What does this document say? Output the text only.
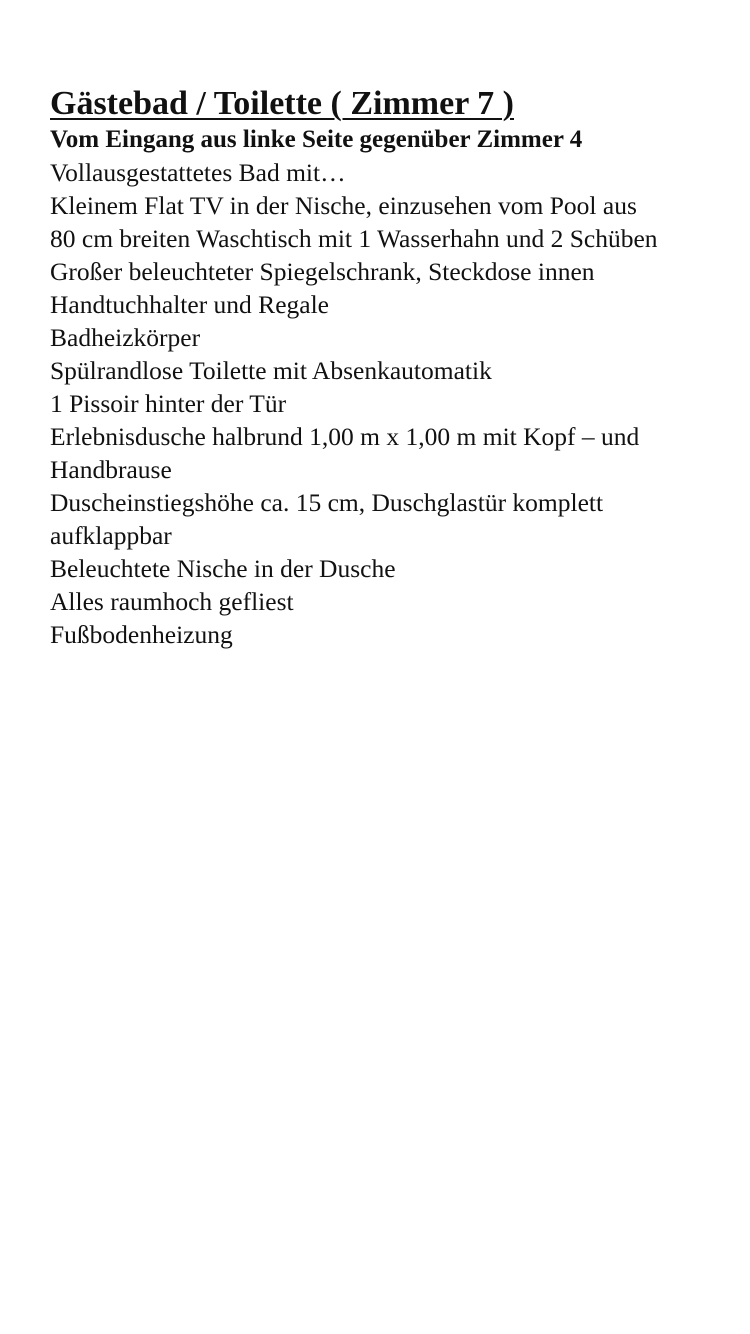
Gästebad / Toilette ( Zimmer 7 )

Vom Eingang aus linke Seite gegenüber Zimmer 4

Vollausgestattetes Bad mit…
Kleinem Flat TV in der Nische, einzusehen vom Pool aus
80 cm breiten Waschtisch mit 1 Wasserhahn und 2 Schüben
Großer beleuchteter Spiegelschrank, Steckdose innen
Handtuchhalter und Regale
Badheizkörper
Spülrandlose Toilette mit Absenkautomatik
1 Pissoir hinter der Tür
Erlebnisdusche halbrund 1,00 m x 1,00 m mit Kopf – und
Handbrause
Duscheinstiegshöhe ca. 15 cm, Duschglastür komplett
aufklappbar
Beleuchtete Nische in der Dusche
Alles raumhoch gefliest
Fußbodenheizung
